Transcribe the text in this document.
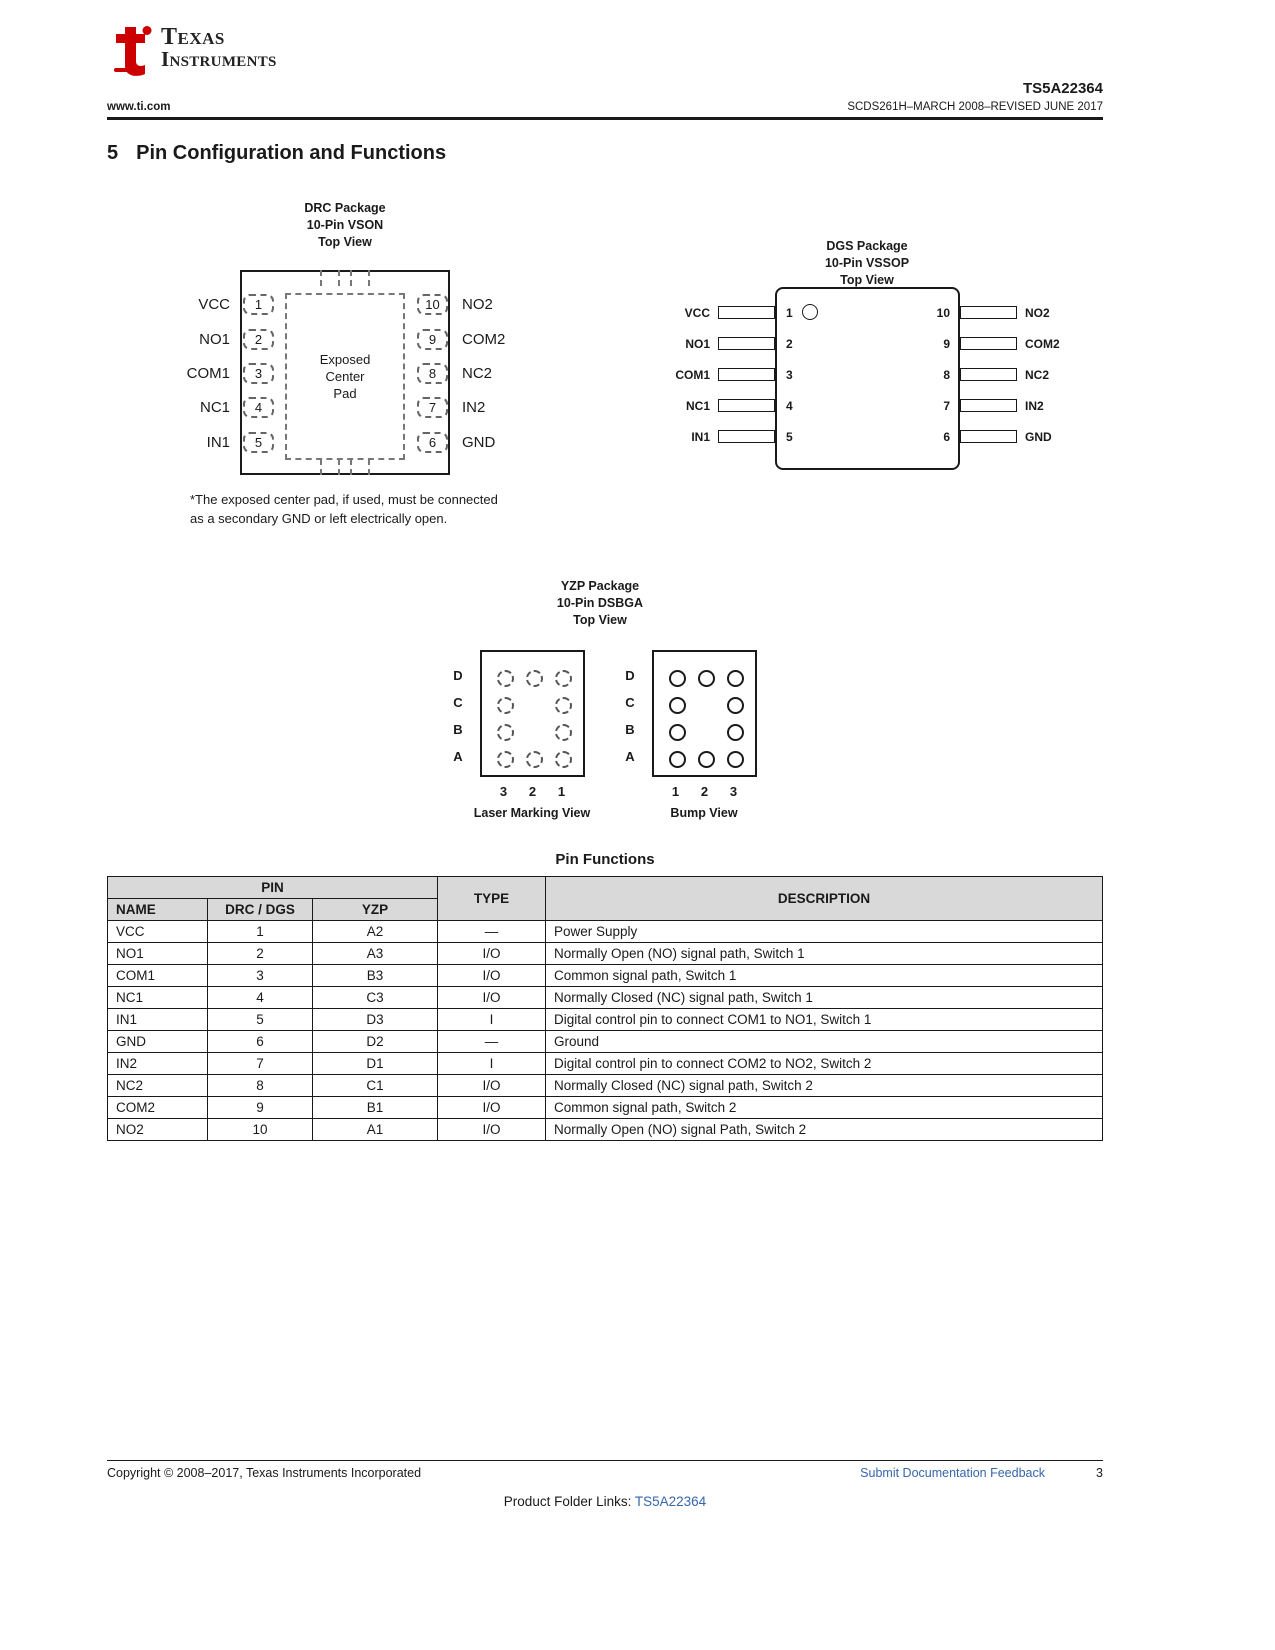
Texas
Instruments
TS5A22364
www.ti.com	SCDS261H–MARCH 2008–REVISED JUNE 2017
5 Pin Configuration and Functions
DRC Package
10-Pin VSON
Top View
Exposed
Center
Pad
VCC
NO1
COM1
NC1
IN1
1
2
3
4
5
10
9
8
7
6
NO2
COM2
NC2
IN2
GND
*The exposed center pad, if used, must be connected as a secondary GND or left electrically open.
DGS Package
10-Pin VSSOP
Top View
VCC
NO1
COM1
NC1
IN1
1
2
3
4
5
10
9
8
7
6
NO2
COM2
NC2
IN2
GND
YZP Package
10-Pin DSBGA
Top View
D
C
B
A
3	2	1
Laser Marking View
D
C
B
A
1	2	3
Bump View
Pin Functions
PIN			TYPE	DESCRIPTION
NAME	DRC / DGS	YZP		
VCC	1	A2	—	Power Supply
NO1	2	A3	I/O	Normally Open (NO) signal path, Switch 1
COM1	3	B3	I/O	Common signal path, Switch 1
NC1	4	C3	I/O	Normally Closed (NC) signal path, Switch 1
IN1	5	D3	I	Digital control pin to connect COM1 to NO1, Switch 1
GND	6	D2	—	Ground
IN2	7	D1	I	Digital control pin to connect COM2 to NO2, Switch 2
NC2	8	C1	I/O	Normally Closed (NC) signal path, Switch 2
COM2	9	B1	I/O	Common signal path, Switch 2
NO2	10	A1	I/O	Normally Open (NO) signal Path, Switch 2
Copyright © 2008–2017, Texas Instruments Incorporated	Submit Documentation Feedback	3
Product Folder Links: TS5A22364
